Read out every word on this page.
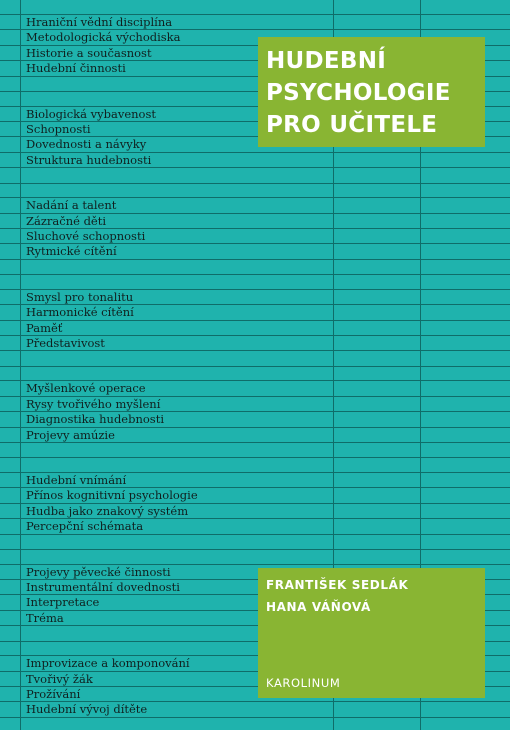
Hraniční vědní disciplína

Metodologická východiska

Historie a současnost

Hudební činnosti

Biologická vybavenost

Schopnosti

Dovednosti a návyky

Struktura hudebnosti

Nadání a talent

Zázračné děti

Sluchové schopnosti

Rytmické cítění

Smysl pro tonalitu

Harmonické cítění

Paměť

Představivost

Myšlenkové operace

Rysy tvořivého myšlení

Diagnostika hudebnosti

Projevy amúzie

Hudební vnímání

Přínos kognitivní psychologie

Hudba jako znakový systém

Percepční schémata

Projevy pěvecké činnosti

Instrumentální dovednosti

Interpretace

Tréma

Improvizace a komponování

Tvořivý žák

Prožívání

Hudební vývoj dítěte

HUDEBNÍ
PSYCHOLOGIE
PRO UČITELE
FRANTIŠEK SEDLÁK
HANA VÁŇOVÁ
KAROLINUM
